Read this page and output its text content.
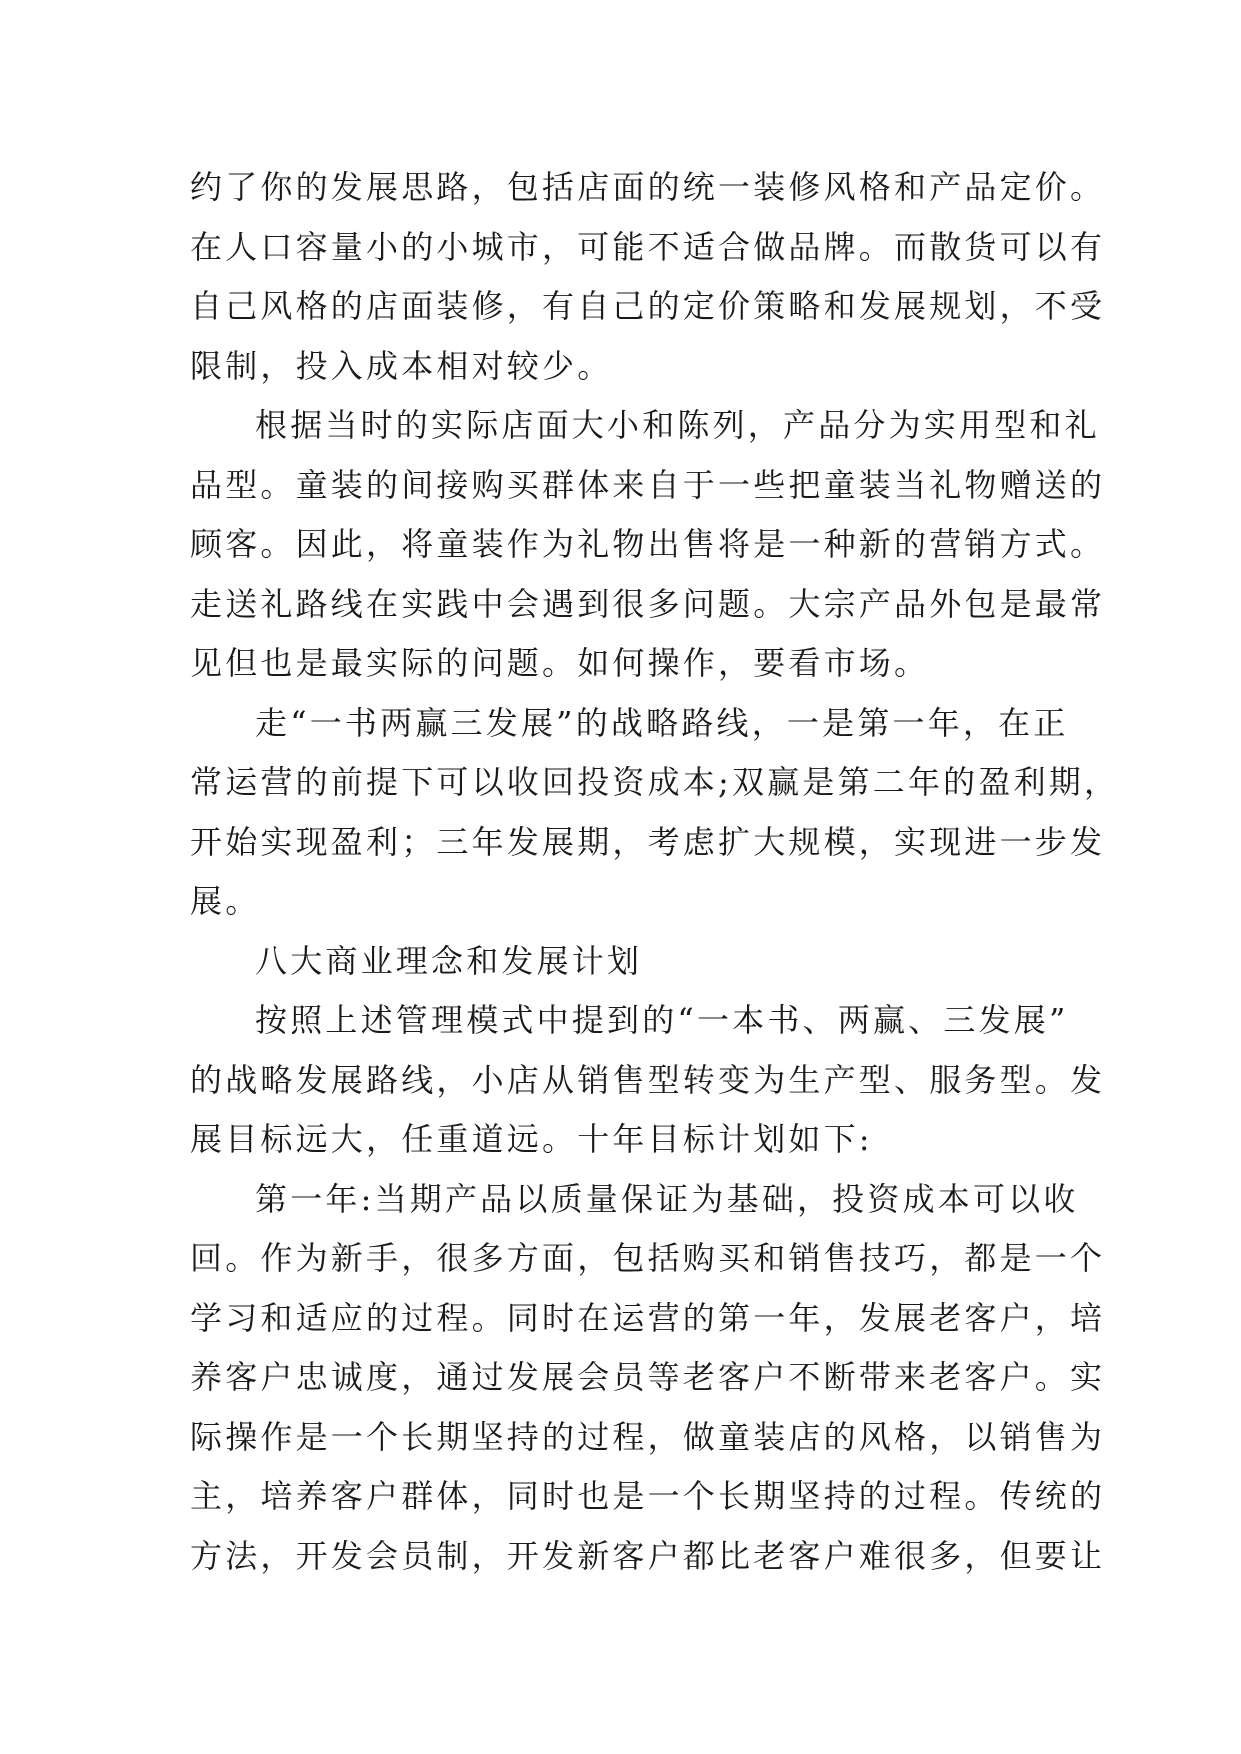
约了你的发展思路，包括店面的统一装修风格和产品定价。
在人口容量小的小城市，可能不适合做品牌。而散货可以有
自己风格的店面装修，有自己的定价策略和发展规划，不受
限制，投入成本相对较少。
根据当时的实际店面大小和陈列，产品分为实用型和礼
品型。童装的间接购买群体来自于一些把童装当礼物赠送的
顾客。因此，将童装作为礼物出售将是一种新的营销方式。
走送礼路线在实践中会遇到很多问题。大宗产品外包是最常
见但也是最实际的问题。如何操作，要看市场。
走“一书两赢三发展”的战略路线，一是第一年，在正
常运营的前提下可以收回投资成本;双赢是第二年的盈利期，
开始实现盈利；三年发展期，考虑扩大规模，实现进一步发
展。
八大商业理念和发展计划
按照上述管理模式中提到的“一本书、两赢、三发展”
的战略发展路线，小店从销售型转变为生产型、服务型。发
展目标远大，任重道远。十年目标计划如下:
第一年:当期产品以质量保证为基础，投资成本可以收
回。作为新手，很多方面，包括购买和销售技巧，都是一个
学习和适应的过程。同时在运营的第一年，发展老客户，培
养客户忠诚度，通过发展会员等老客户不断带来老客户。实
际操作是一个长期坚持的过程，做童装店的风格，以销售为
主，培养客户群体，同时也是一个长期坚持的过程。传统的
方法，开发会员制，开发新客户都比老客户难很多，但要让
